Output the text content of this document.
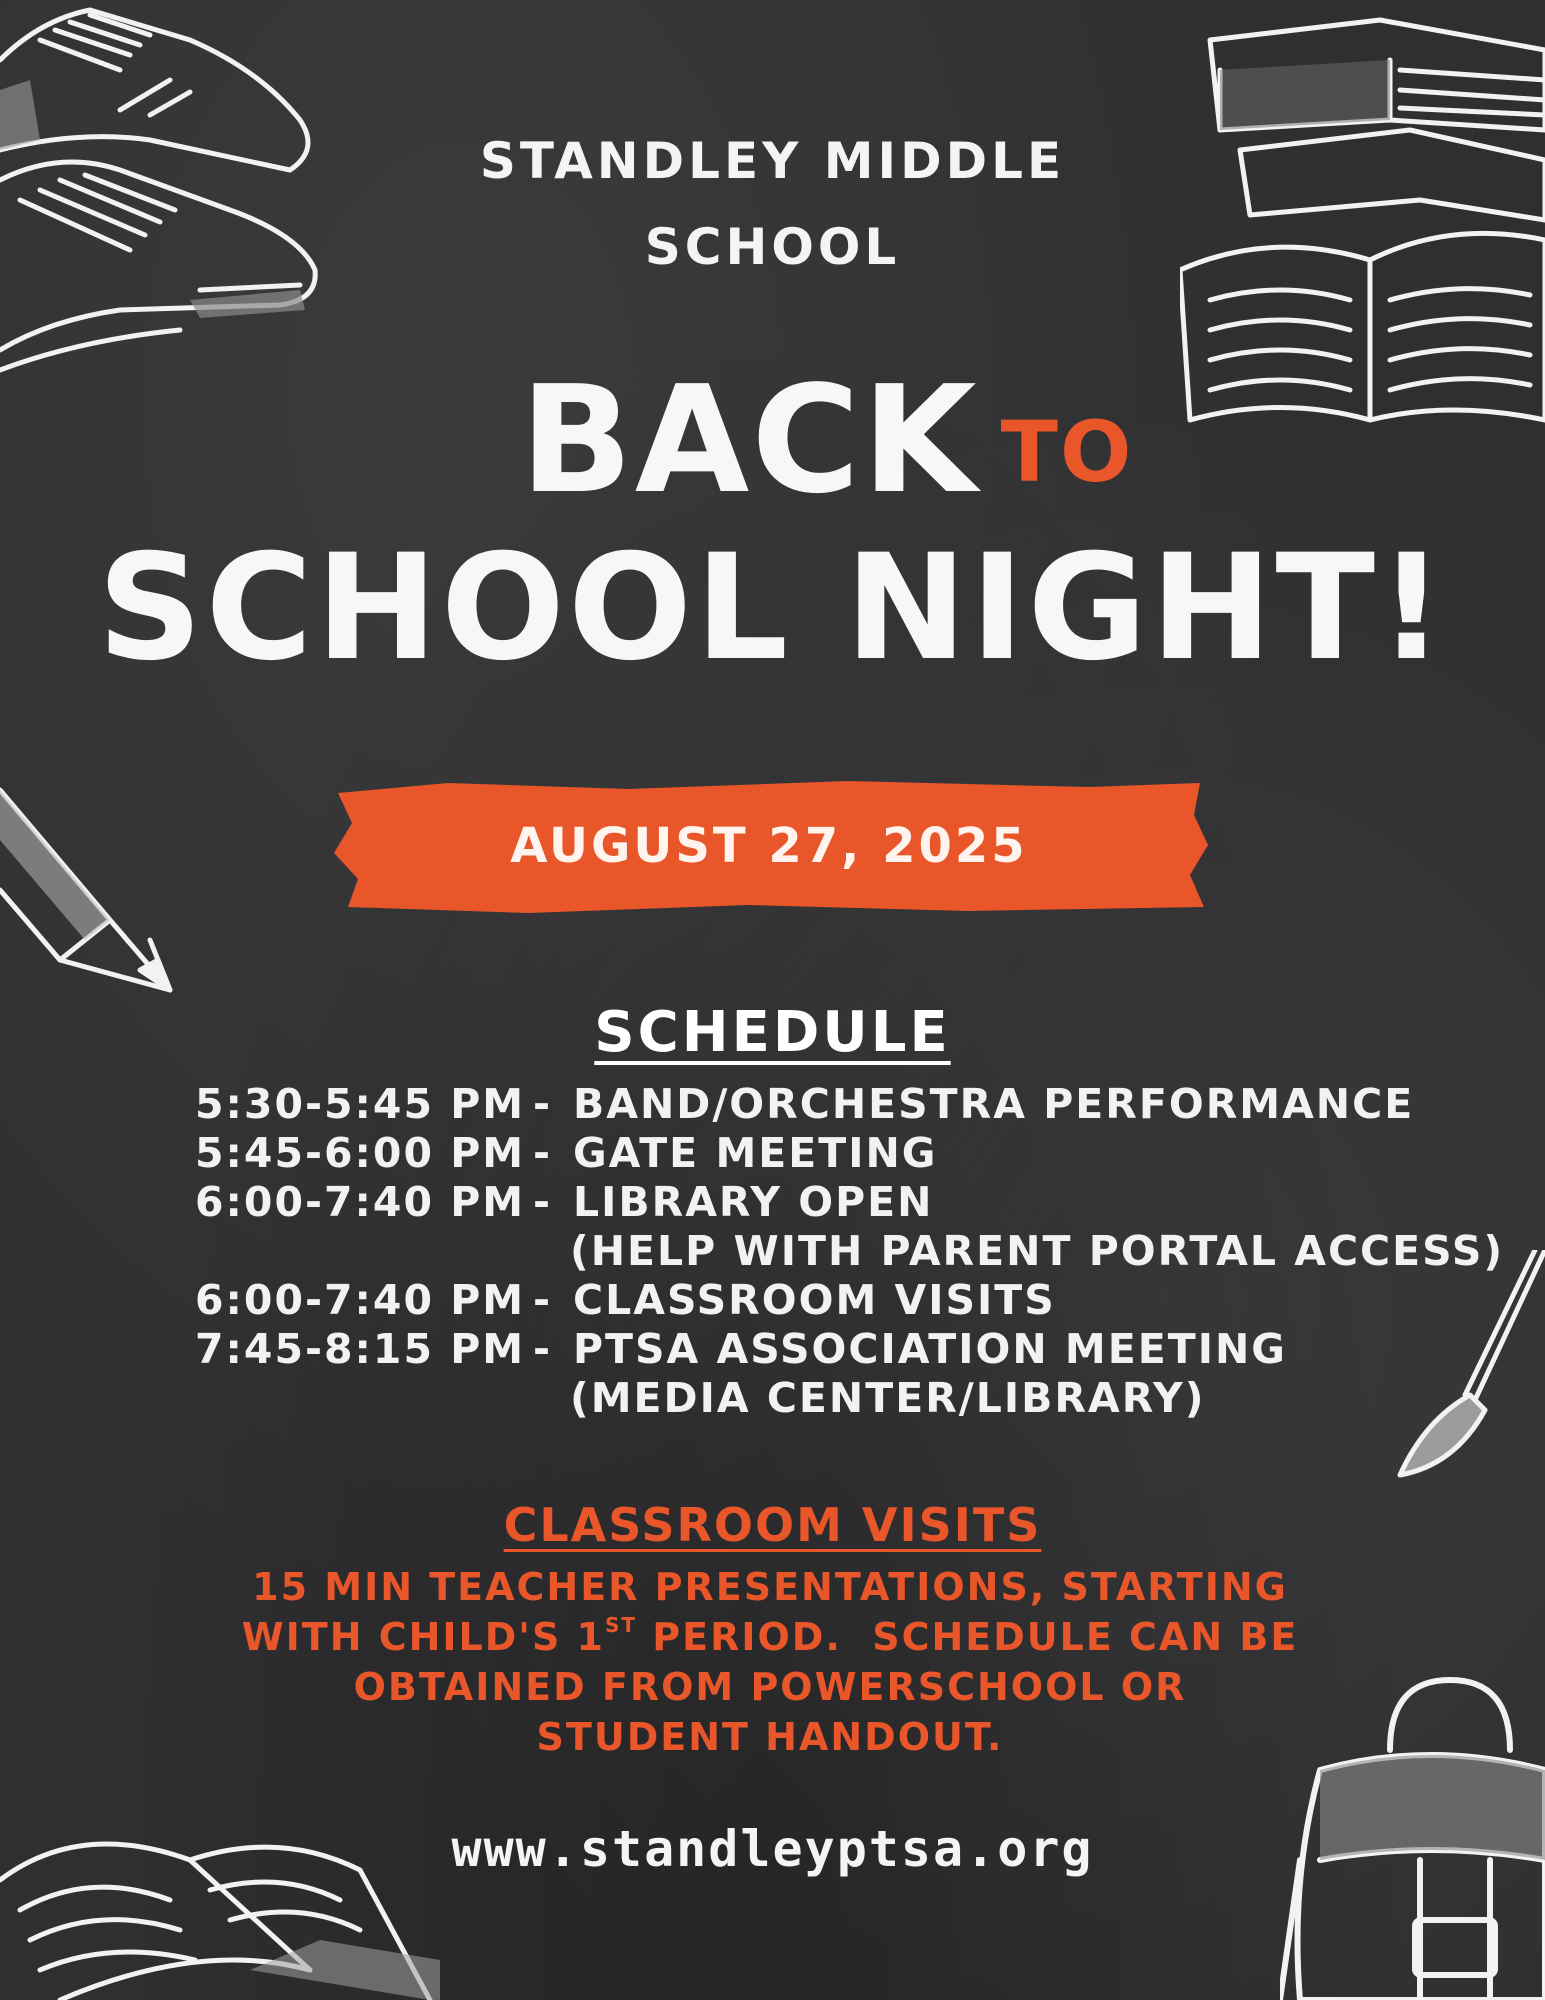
STANDLEY MIDDLE
SCHOOL
BACK TO
SCHOOL NIGHT!
AUGUST 27, 2025
SCHEDULE
5:30-5:45 PM - BAND/ORCHESTRA PERFORMANCE
5:45-6:00 PM - GATE MEETING
6:00-7:40 PM - LIBRARY OPEN
(HELP WITH PARENT PORTAL ACCESS)
6:00-7:40 PM - CLASSROOM VISITS
7:45-8:15 PM - PTSA ASSOCIATION MEETING
(MEDIA CENTER/LIBRARY)
CLASSROOM VISITS
15 MIN TEACHER PRESENTATIONS, STARTING
WITH CHILD'S 1ST PERIOD.  SCHEDULE CAN BE
OBTAINED FROM POWERSCHOOL OR
STUDENT HANDOUT.
www.standleyptsa.org
